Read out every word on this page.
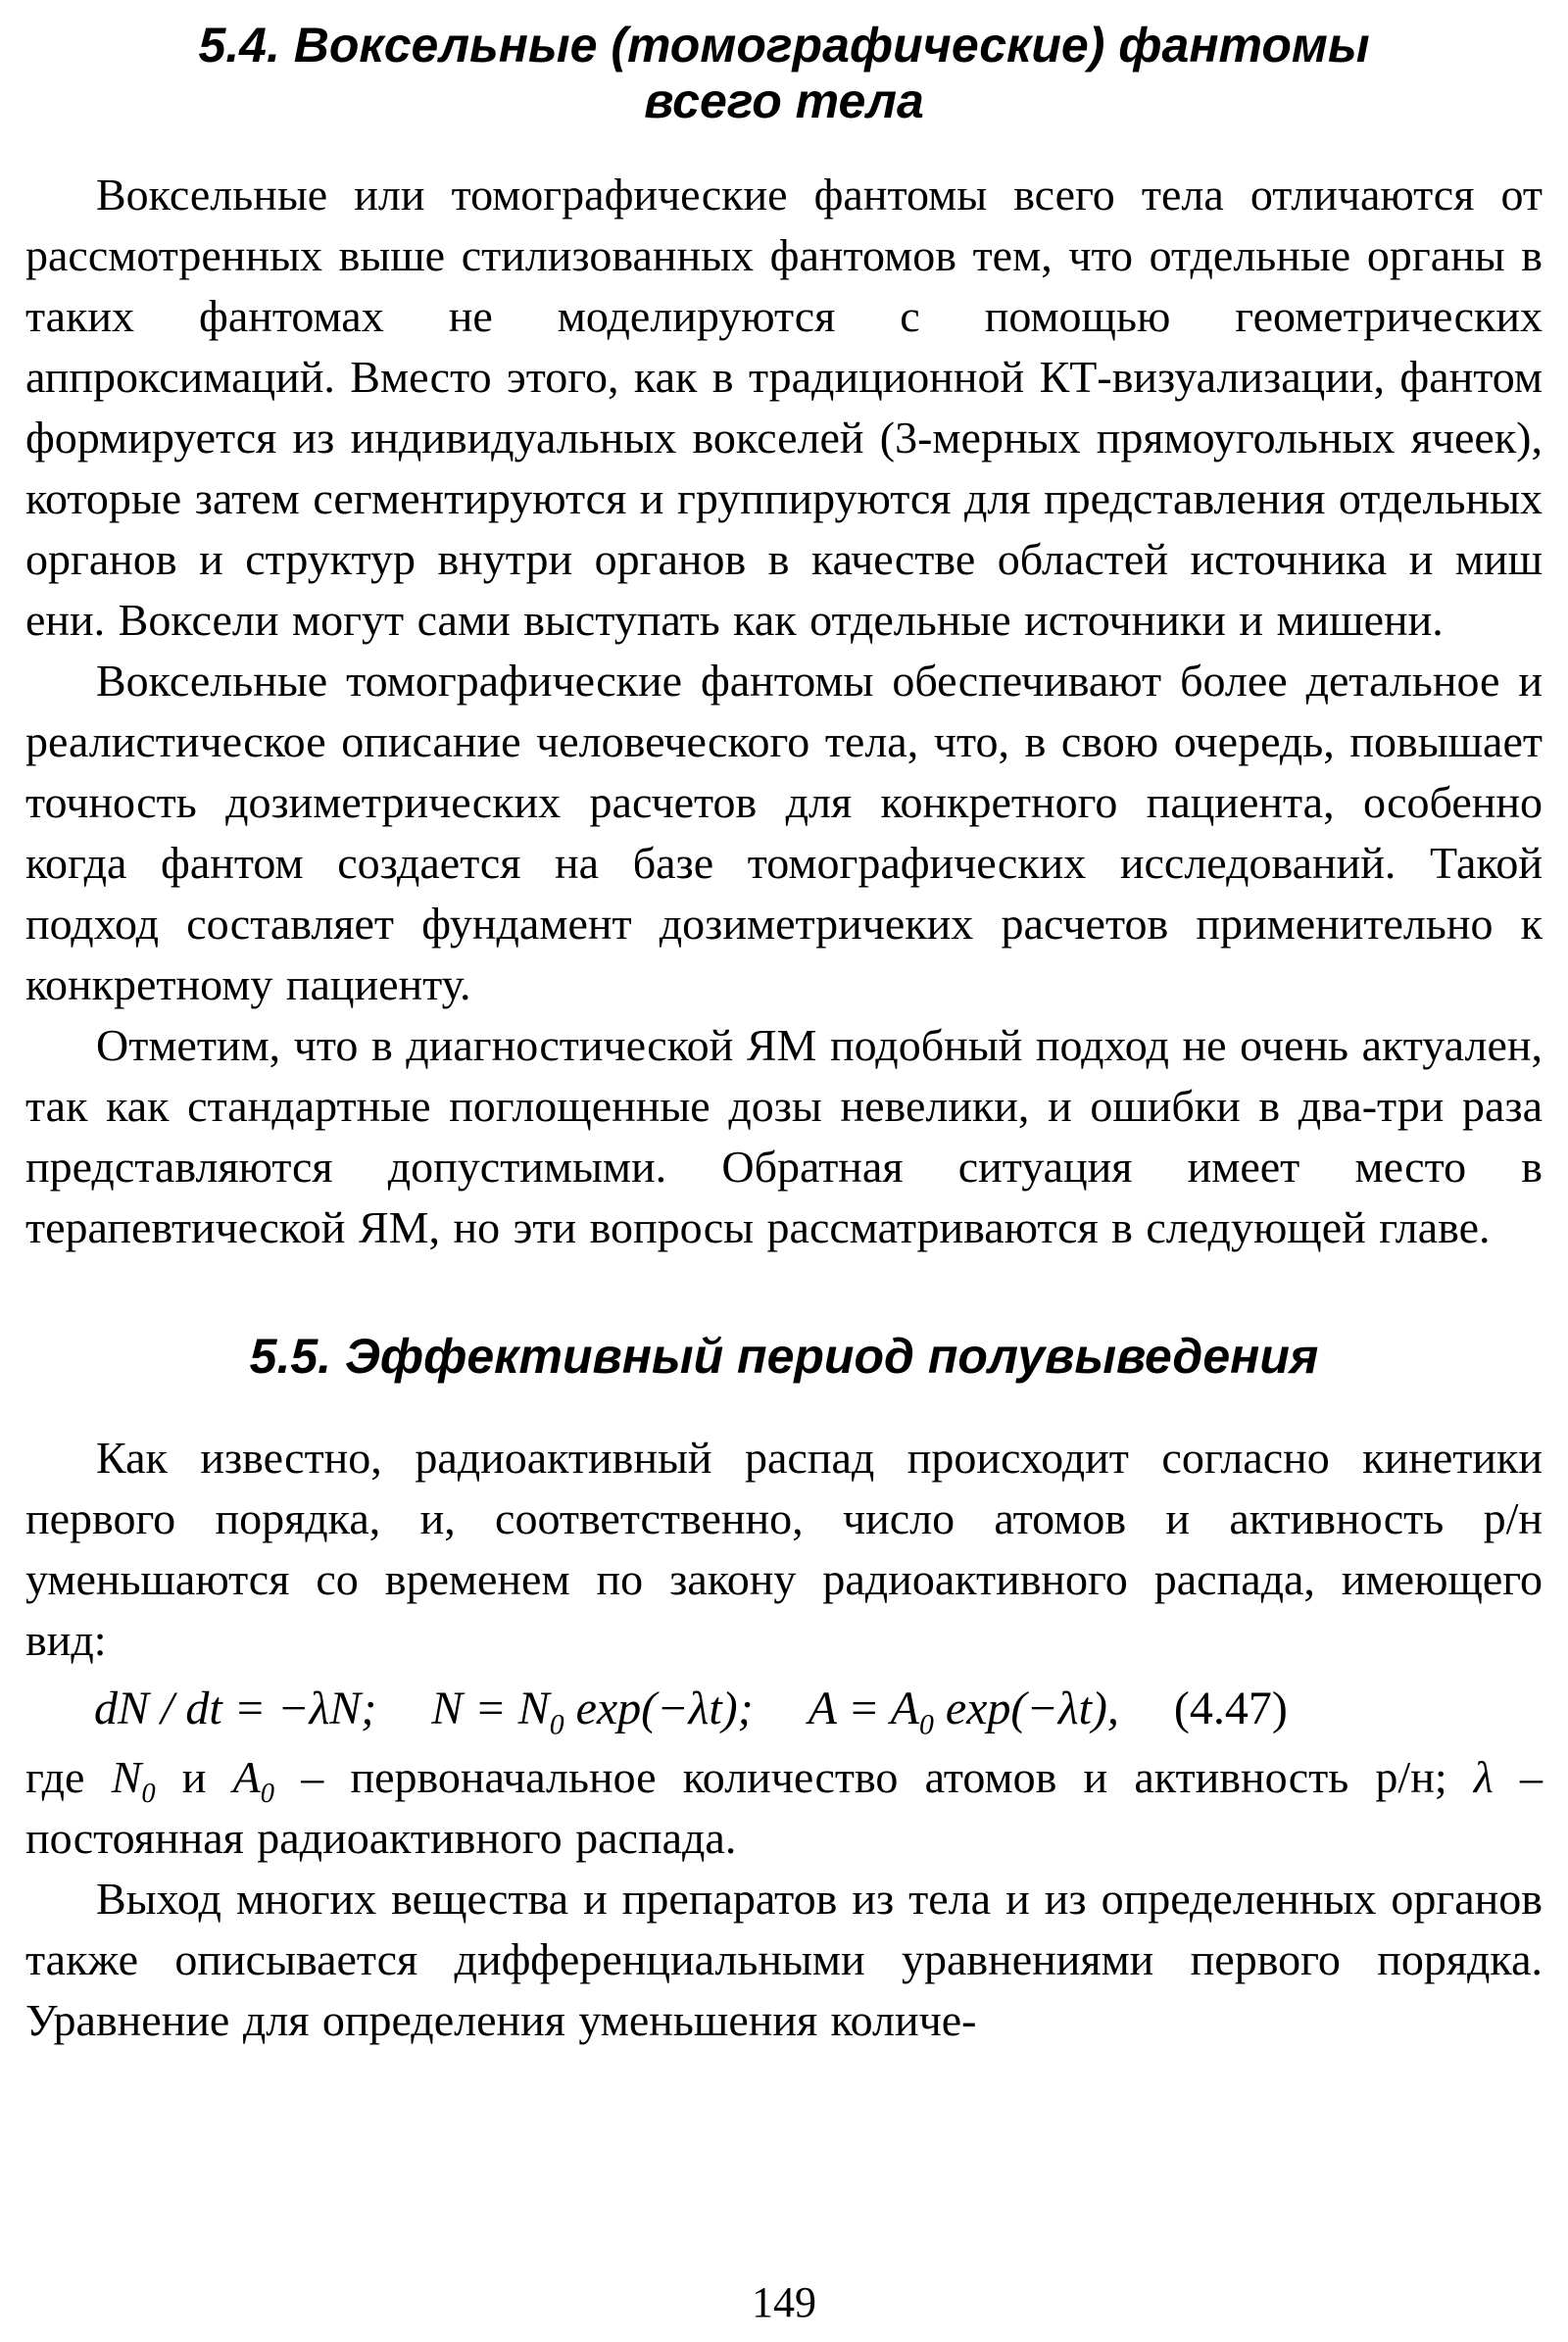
5.4. Воксельные (томографические) фантомы всего тела

Воксельные или томографические фантомы всего тела отличаются от рассмотренных выше стилизованных фантомов тем, что отдельные органы в таких фантомах не моделируются с помощью геометрических аппроксимаций. Вместо этого, как в традиционной КТ-визуализации, фантом формируется из индивидуальных вокселей (3-мерных прямоугольных ячеек), которые затем сегментируются и группируются для представления отдельных органов и структур внутри органов в качестве областей источника и миш ени. Воксели могут сами выступать как отдельные источники и мишени.

Воксельные томографические фантомы обеспечивают более детальное и реалистическое описание человеческого тела, что, в свою очередь, повышает точность дозиметрических расчетов для конкретного пациента, особенно когда фантом создается на базе томографических исследований. Такой подход составляет фундамент дозиметричеких расчетов применительно к конкретному пациенту.

Отметим, что в диагностической ЯМ подобный подход не очень актуален, так как стандартные поглощенные дозы невелики, и ошибки в два-три раза представляются допустимыми. Обратная ситуация имеет место в терапевтической ЯМ, но эти вопросы рассматриваются в следующей главе.

5.5. Эффективный период полувыведения

Как известно, радиоактивный распад происходит согласно кинетики первого порядка, и, соответственно, число атомов и активность р/н уменьшаются со временем по закону радиоактивного распада, имеющего вид:

dN / dt = −λN; $N = N_0$ exp(−λt); $A = A_0$ exp(−λt), (4.47)

где $N_0$ и $A_0$ – первоначальное количество атомов и активность р/н; λ – постоянная радиоактивного распада.

Выход многих вещества и препаратов из тела и из определенных органов также описывается дифференциальными уравнениями первого порядка. Уравнение для определения уменьшения количе-

149
